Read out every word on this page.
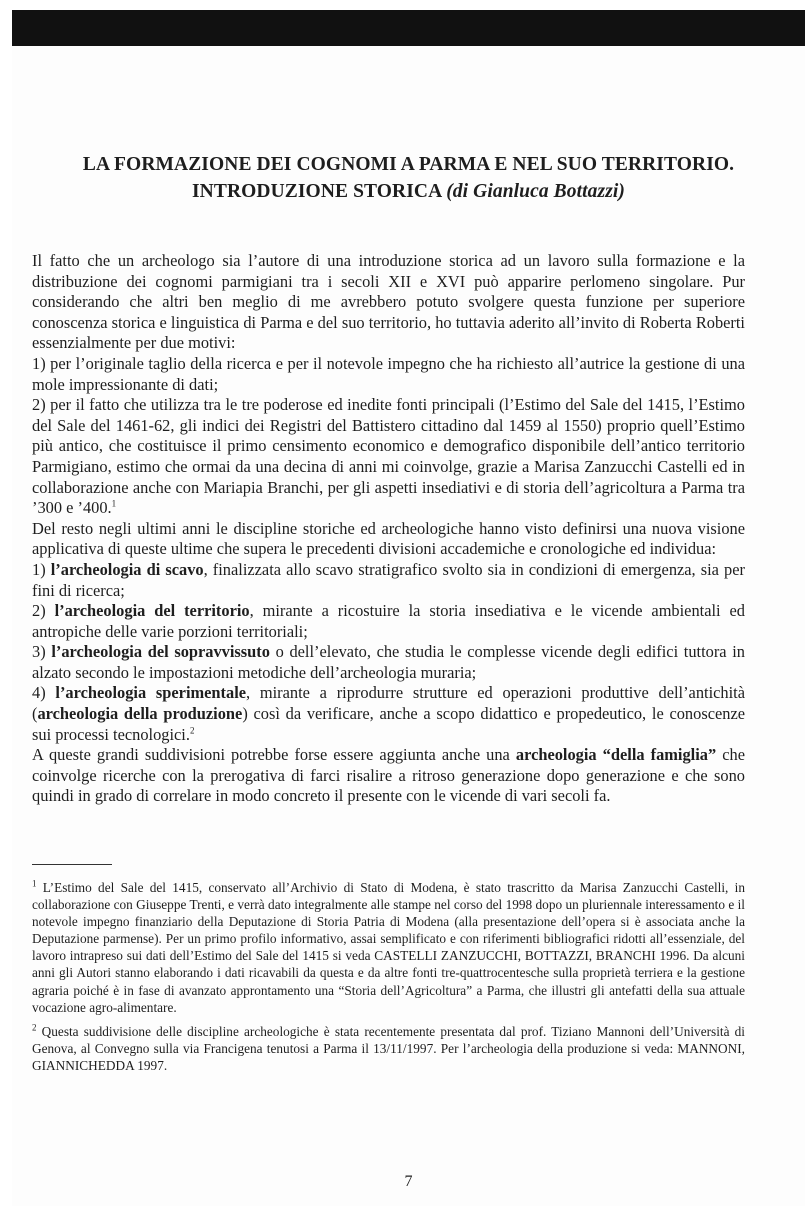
LA FORMAZIONE DEI COGNOMI A PARMA E NEL SUO TERRITORIO.
INTRODUZIONE STORICA (di Gianluca Bottazzi)

Il fatto che un archeologo sia l’autore di una introduzione storica ad un lavoro sulla formazione e la distribuzione dei cognomi parmigiani tra i secoli XII e XVI può apparire perlomeno singolare. Pur considerando che altri ben meglio di me avrebbero potuto svolgere questa funzione per superiore conoscenza storica e linguistica di Parma e del suo territorio, ho tuttavia aderito all’invito di Roberta Roberti essenzialmente per due motivi:

1) per l’originale taglio della ricerca e per il notevole impegno che ha richiesto all’autrice la gestione di una mole impressionante di dati;

2) per il fatto che utilizza tra le tre poderose ed inedite fonti principali (l’Estimo del Sale del 1415, l’Estimo del Sale del 1461-62, gli indici dei Registri del Battistero cittadino dal 1459 al 1550) proprio quell’Estimo più antico, che costituisce il primo censimento economico e demografico disponibile dell’antico territorio Parmigiano, estimo che ormai da una decina di anni mi coinvolge, grazie a Marisa Zanzucchi Castelli ed in collaborazione anche con Mariapia Branchi, per gli aspetti insediativi e di storia dell’agricoltura a Parma tra ’300 e ’400.$^1$

Del resto negli ultimi anni le discipline storiche ed archeologiche hanno visto definirsi una nuova visione applicativa di queste ultime che supera le precedenti divisioni accademiche e cronologiche ed individua:

1) l’archeologia di scavo, finalizzata allo scavo stratigrafico svolto sia in condizioni di emergenza, sia per fini di ricerca;

2) l’archeologia del territorio, mirante a ricostuire la storia insediativa e le vicende ambientali ed antropiche delle varie porzioni territoriali;

3) l’archeologia del sopravvissuto o dell’elevato, che studia le complesse vicende degli edifici tuttora in alzato secondo le impostazioni metodiche dell’archeologia muraria;

4) l’archeologia sperimentale, mirante a riprodurre strutture ed operazioni produttive dell’antichità (archeologia della produzione) così da verificare, anche a scopo didattico e propedeutico, le conoscenze sui processi tecnologici.$^2$

A queste grandi suddivisioni potrebbe forse essere aggiunta anche una archeologia “della famiglia” che coinvolge ricerche con la prerogativa di farci risalire a ritroso generazione dopo generazione e che sono quindi in grado di correlare in modo concreto il presente con le vicende di vari secoli fa.

$^1$ L’Estimo del Sale del 1415, conservato all’Archivio di Stato di Modena, è stato trascritto da Marisa Zanzucchi Castelli, in collaborazione con Giuseppe Trenti, e verrà dato integralmente alle stampe nel corso del 1998 dopo un pluriennale interessamento e il notevole impegno finanziario della Deputazione di Storia Patria di Modena (alla presentazione dell’opera si è associata anche la Deputazione parmense). Per un primo profilo informativo, assai semplificato e con riferimenti bibliografici ridotti all’essenziale, del lavoro intrapreso sui dati dell’Estimo del Sale del 1415 si veda CASTELLI ZANZUCCHI, BOTTAZZI, BRANCHI 1996. Da alcuni anni gli Autori stanno elaborando i dati ricavabili da questa e da altre fonti tre-quattrocentesche sulla proprietà terriera e la gestione agraria poiché è in fase di avanzato approntamento una “Storia dell’Agricoltura” a Parma, che illustri gli antefatti della sua attuale vocazione agro-alimentare.

$^2$ Questa suddivisione delle discipline archeologiche è stata recentemente presentata dal prof. Tiziano Mannoni dell’Università di Genova, al Convegno sulla via Francigena tenutosi a Parma il 13/11/1997. Per l’archeologia della produzione si veda: MANNONI, GIANNICHEDDA 1997.

7
